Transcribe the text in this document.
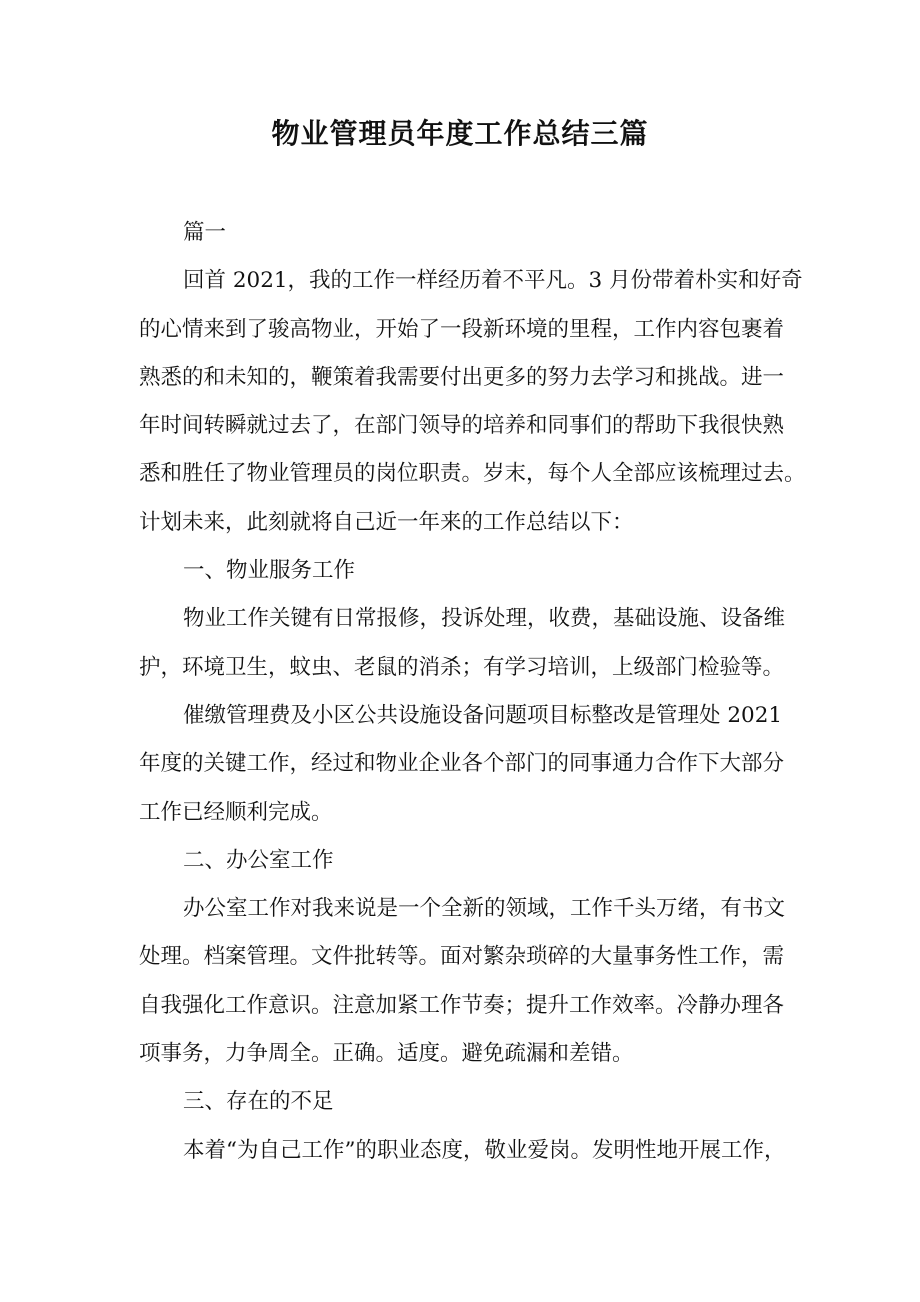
物业管理员年度工作总结三篇
篇一
回首 2021，我的工作一样经历着不平凡。3 月份带着朴实和好奇
的心情来到了骏高物业，开始了一段新环境的里程，工作内容包裹着
熟悉的和未知的，鞭策着我需要付出更多的努力去学习和挑战。进一
年时间转瞬就过去了，在部门领导的培养和同事们的帮助下我很快熟
悉和胜任了物业管理员的岗位职责。岁末，每个人全部应该梳理过去。
计划未来，此刻就将自己近一年来的工作总结以下：
一、物业服务工作
物业工作关键有日常报修，投诉处理，收费，基础设施、设备维
护，环境卫生，蚊虫、老鼠的消杀；有学习培训，上级部门检验等。
催缴管理费及小区公共设施设备问题项目标整改是管理处 2021
年度的关键工作，经过和物业企业各个部门的同事通力合作下大部分
工作已经顺利完成。
二、办公室工作
办公室工作对我来说是一个全新的领域，工作千头万绪，有书文
处理。档案管理。文件批转等。面对繁杂琐碎的大量事务性工作，需
自我强化工作意识。注意加紧工作节奏；提升工作效率。冷静办理各
项事务，力争周全。正确。适度。避免疏漏和差错。
三、存在的不足
本着“为自己工作”的职业态度，敬业爱岗。发明性地开展工作，
